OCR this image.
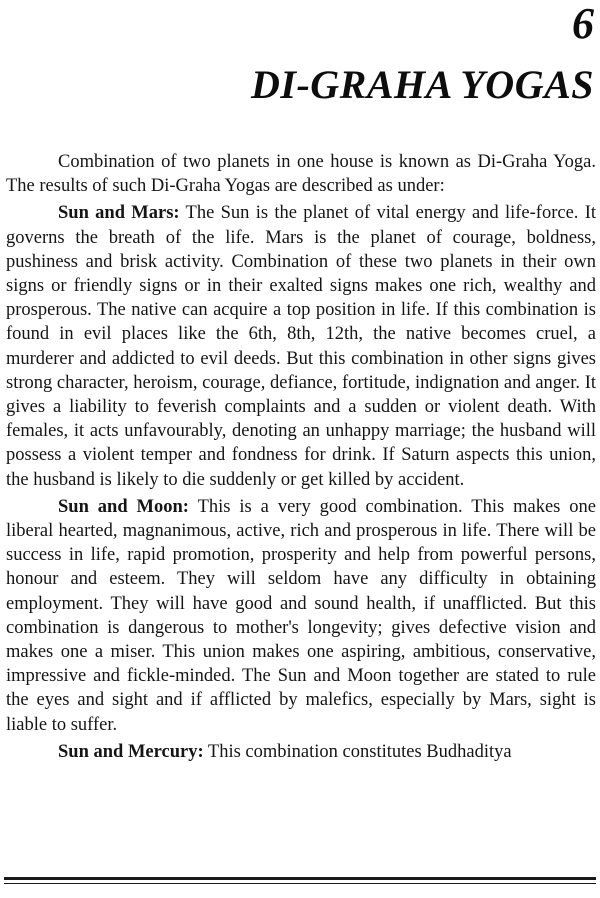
6
DI-GRAHA YOGAS

Combination of two planets in one house is known as Di-Graha Yoga. The results of such Di-Graha Yogas are described as under:

Sun and Mars: The Sun is the planet of vital energy and life-force. It governs the breath of the life. Mars is the planet of courage, boldness, pushiness and brisk activity. Combination of these two planets in their own signs or friendly signs or in their exalted signs makes one rich, wealthy and prosperous. The native can acquire a top position in life. If this combination is found in evil places like the 6th, 8th, 12th, the native becomes cruel, a murderer and addicted to evil deeds. But this combination in other signs gives strong character, heroism, courage, defiance, fortitude, indignation and anger. It gives a liability to feverish complaints and a sudden or violent death. With females, it acts unfavourably, denoting an unhappy marriage; the husband will possess a violent temper and fondness for drink. If Saturn aspects this union, the husband is likely to die suddenly or get killed by accident.

Sun and Moon: This is a very good combination. This makes one liberal hearted, magnanimous, active, rich and prosperous in life. There will be success in life, rapid promotion, prosperity and help from powerful persons, honour and esteem. They will seldom have any difficulty in obtaining employment. They will have good and sound health, if unafflicted. But this combination is dangerous to mother's longevity; gives defective vision and makes one a miser. This union makes one aspiring, ambitious, conservative, impressive and fickle-minded. The Sun and Moon together are stated to rule the eyes and sight and if afflicted by malefics, especially by Mars, sight is liable to suffer.

Sun and Mercury: This combination constitutes Budhaditya
